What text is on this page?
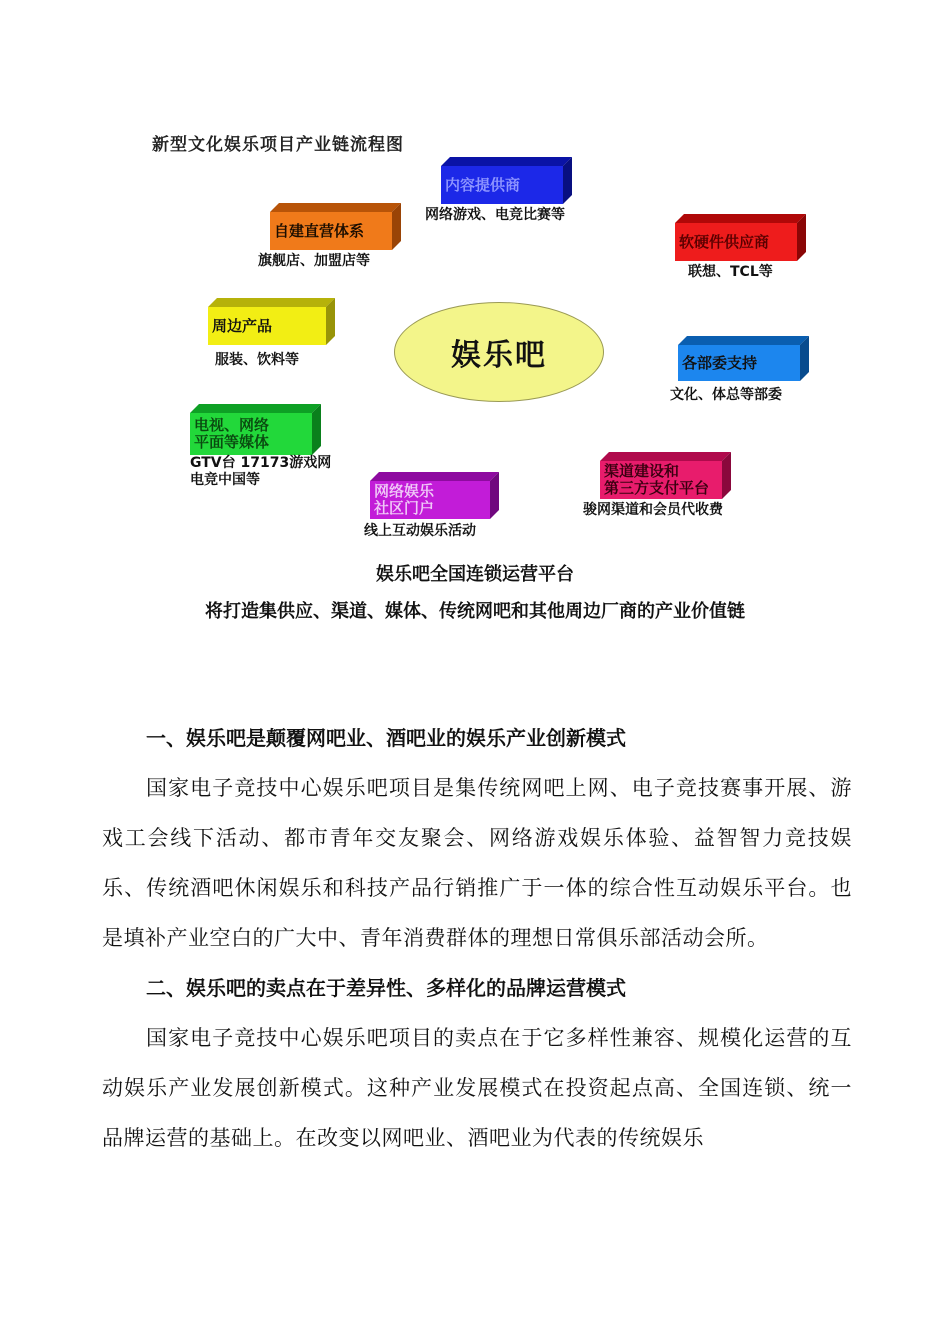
新型文化娱乐项目产业链流程图
内容提供商
网络游戏、电竞比赛等
自建直营体系
旗舰店、加盟店等
软硬件供应商
联想、TCL等
周边产品
服装、饮料等	娱乐吧	各部委支持
文化、体总等部委
电视、网络
平面等媒体
GTV台 17173游戏网
电竞中国等
网络娱乐
社区门户
线上互动娱乐活动
渠道建设和
第三方支付平台
骏网渠道和会员代收费
娱乐吧全国连锁运营平台
将打造集供应、渠道、媒体、传统网吧和其他周边厂商的产业价值链
一、娱乐吧是颠覆网吧业、酒吧业的娱乐产业创新模式

国家电子竞技中心娱乐吧项目是集传统网吧上网、电子竞技赛事开展、游戏工会线下活动、都市青年交友聚会、网络游戏娱乐体验、益智智力竞技娱乐、传统酒吧休闲娱乐和科技产品行销推广于一体的综合性互动娱乐平台。也是填补产业空白的广大中、青年消费群体的理想日常俱乐部活动会所。

二、娱乐吧的卖点在于差异性、多样化的品牌运营模式

国家电子竞技中心娱乐吧项目的卖点在于它多样性兼容、规模化运营的互动娱乐产业发展创新模式。这种产业发展模式在投资起点高、全国连锁、统一品牌运营的基础上。在改变以网吧业、酒吧业为代表的传统娱乐
